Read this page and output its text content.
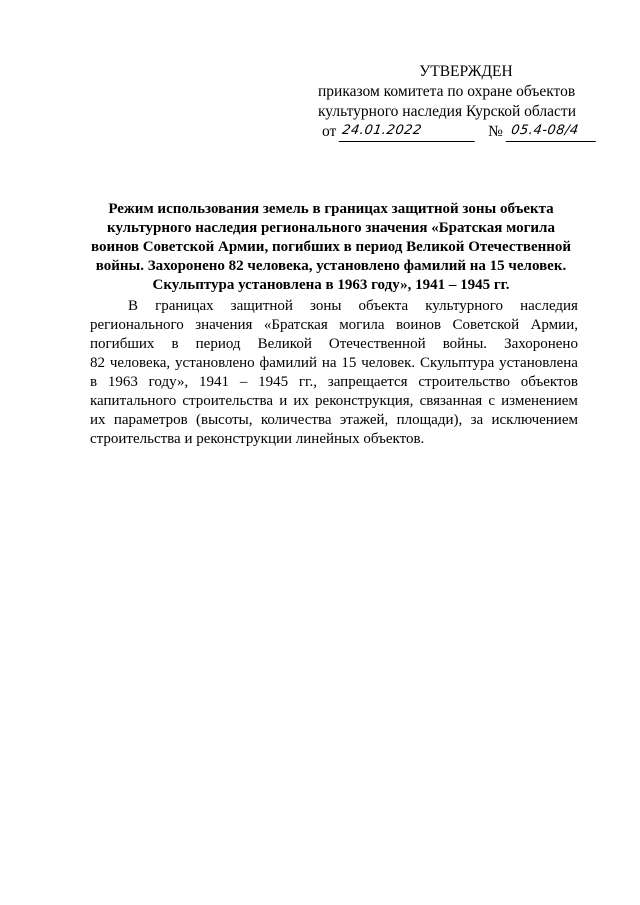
УТВЕРЖДЕН
приказом комитета по охране объектов
культурного наследия Курской области
от 24.01.2022	№ 05.4-08/4
Режим использования земель в границах защитной зоны объекта
культурного наследия регионального значения «Братская могила
воинов Советской Армии, погибших в период Великой Отечественной
войны. Захоронено 82 человека, установлено фамилий на 15 человек.
Скульптура установлена в 1963 году», 1941 – 1945 гг.
В границах защитной зоны объекта культурного наследия
регионального значения «Братская могила воинов Советской Армии,
погибших в период Великой Отечественной войны. Захоронено
82 человека, установлено фамилий на 15 человек. Скульптура установлена
в 1963 году», 1941 – 1945 гг., запрещается строительство объектов
капитального строительства и их реконструкция, связанная с изменением
их параметров (высоты, количества этажей, площади), за исключением
строительства и реконструкции линейных объектов.
